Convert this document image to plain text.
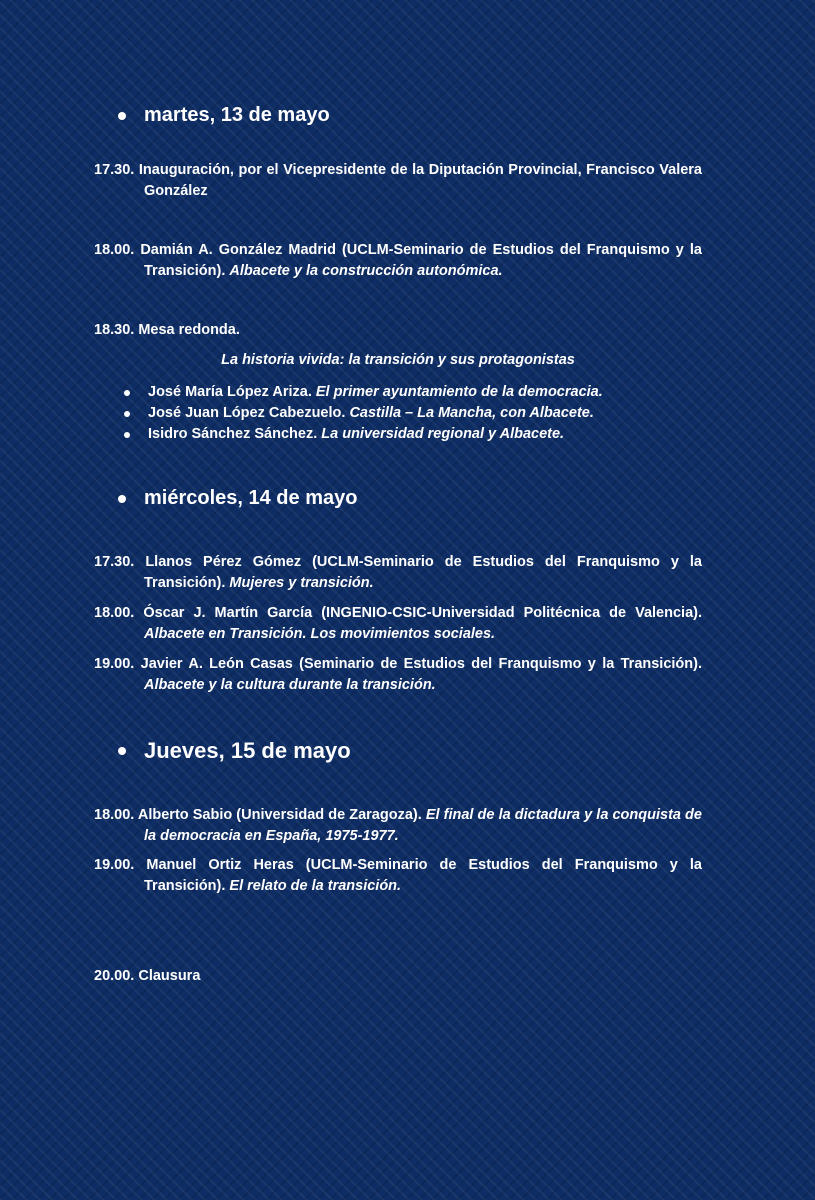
martes, 13 de mayo
17.30. Inauguración, por el Vicepresidente de la Diputación Provincial, Francisco Valera González
18.00. Damián A. González Madrid (UCLM-Seminario de Estudios del Franquismo y la Transición). Albacete y la construcción autonómica.
18.30. Mesa redonda.
La historia vivida: la transición y sus protagonistas
José María López Ariza.
El primer ayuntamiento de la democracia.
José Juan López Cabezuelo.
Castilla – La Mancha, con Albacete.
Isidro Sánchez Sánchez.
La universidad regional y Albacete.
miércoles, 14 de mayo
17.30. Llanos Pérez Gómez (UCLM-Seminario de Estudios del Franquismo y la Transición). Mujeres y transición.
18.00. Óscar J. Martín García (INGENIO-CSIC-Universidad Politécnica de Valencia). Albacete en Transición. Los movimientos sociales.
19.00. Javier A. León Casas (Seminario de Estudios del Franquismo y la Transición). Albacete y la cultura durante la transición.
Jueves, 15 de mayo
18.00. Alberto Sabio (Universidad de Zaragoza). El final de la dictadura y la conquista de la democracia en España, 1975-1977.
19.00. Manuel Ortiz Heras (UCLM-Seminario de Estudios del Franquismo y la Transición). El relato de la transición.
20.00. Clausura
